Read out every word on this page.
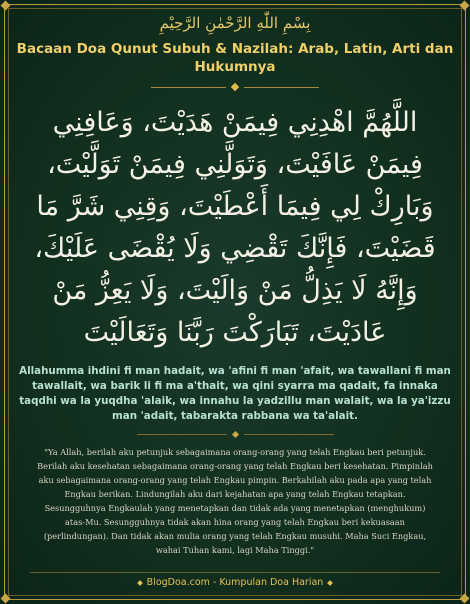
بِسْمِ اللّٰهِ الرَّحْمٰنِ الرَّحِيْمِ
Bacaan Doa Qunut Subuh & Nazilah: Arab, Latin, Arti dan Hukumnya
اللَّهُمَّ اهْدِنِي فِيمَنْ هَدَيْتَ، وَعَافِنِي فِيمَنْ عَافَيْتَ، وَتَوَلَّنِي فِيمَنْ تَوَلَّيْتَ، وَبَارِكْ لِي فِيمَا أَعْطَيْتَ، وَقِنِي شَرَّ مَا قَضَيْتَ، فَإِنَّكَ تَقْضِي وَلَا يُقْضَى عَلَيْكَ، وَإِنَّهُ لَا يَذِلُّ مَنْ وَالَيْتَ، وَلَا يَعِزُّ مَنْ عَادَيْتَ، تَبَارَكْتَ رَبَّنَا وَتَعَالَيْتَ
Allahumma ihdini fi man hadait, wa 'afini fi man 'afait, wa tawallani fi man tawallait, wa barik li fi ma a'thait, wa qini syarra ma qadait, fa innaka taqdhi wa la yuqdha 'alaik, wa innahu la yadzillu man walait, wa la ya'izzu man 'adait, tabarakta rabbana wa ta'alait.
"Ya Allah, berilah aku petunjuk sebagaimana orang-orang yang telah Engkau beri petunjuk. Berilah aku kesehatan sebagaimana orang-orang yang telah Engkau beri kesehatan. Pimpinlah aku sebagaimana orang-orang yang telah Engkau pimpin. Berkahilah aku pada apa yang telah Engkau berikan. Lindungilah aku dari kejahatan apa yang telah Engkau tetapkan. Sesungguhnya Engkaulah yang menetapkan dan tidak ada yang menetapkan (menghukum) atas-Mu. Sesungguhnya tidak akan hina orang yang telah Engkau beri kekuasaan (perlindungan). Dan tidak akan mulia orang yang telah Engkau musuhi. Maha Suci Engkau, wahai Tuhan kami, lagi Maha Tinggi."
BlogDoa.com - Kumpulan Doa Harian
